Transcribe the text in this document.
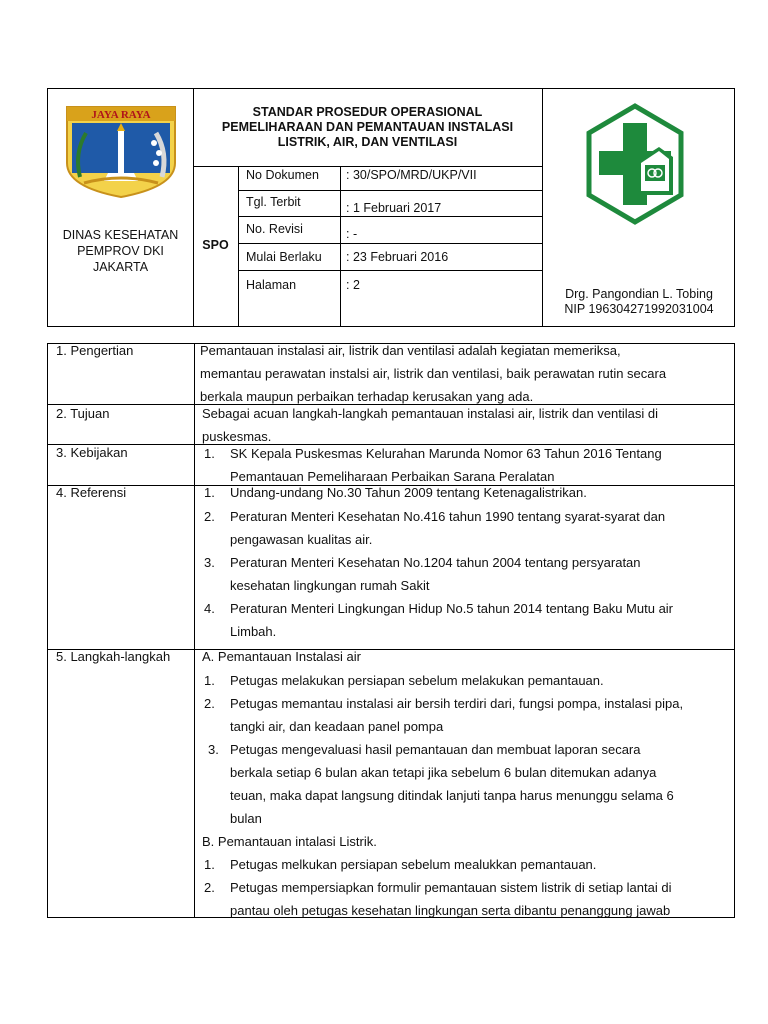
JAYA RAYA
DINAS KESEHATAN
PEMPROV DKI
JAKARTA
STANDAR PROSEDUR OPERASIONAL
PEMELIHARAAN DAN PEMANTAUAN INSTALASI
LISTRIK, AIR, DAN VENTILASI
SPO
No Dokumen : 30/SPO/MRD/UKP/VII
Tgl. Terbit	: 1 Februari 2017
No. Revisi	: -
Mulai Berlaku : 23 Februari 2016
Halaman	: 2
Drg. Pangondian L. Tobing
NIP 196304271992031004
1. Pengertian	Pemantauan instalasi air, listrik dan ventilasi adalah kegiatan memeriksa,
memantau perawatan instalsi air, listrik dan ventilasi, baik perawatan rutin secara
berkala maupun perbaikan terhadap kerusakan yang ada.
2. Tujuan	Sebagai acuan langkah-langkah pemantauan instalasi air, listrik dan ventilasi di
puskesmas.
3. Kebijakan	1. SK Kepala Puskesmas Kelurahan Marunda Nomor 63 Tahun 2016 Tentang
Pemantauan Pemeliharaan Perbaikan Sarana Peralatan
4. Referensi	1. Undang-undang No.30 Tahun 2009 tentang Ketenagalistrikan.
2. Peraturan Menteri Kesehatan No.416 tahun 1990 tentang syarat-syarat dan
pengawasan kualitas air.
3. Peraturan Menteri Kesehatan No.1204 tahun 2004 tentang persyaratan
kesehatan lingkungan rumah Sakit
4. Peraturan Menteri Lingkungan Hidup No.5 tahun 2014 tentang Baku Mutu air
Limbah.
5. Langkah-langkah A. Pemantauan Instalasi air
1. Petugas melakukan persiapan sebelum melakukan pemantauan.
2. Petugas memantau instalasi air bersih terdiri dari, fungsi pompa, instalasi pipa,
tangki air, dan keadaan panel pompa
3. Petugas mengevaluasi hasil pemantauan dan membuat laporan secara
berkala setiap 6 bulan akan tetapi jika sebelum 6 bulan ditemukan adanya
teuan, maka dapat langsung ditindak lanjuti tanpa harus menunggu selama 6
bulan
B. Pemantauan intalasi Listrik.
1. Petugas melkukan persiapan sebelum mealukkan pemantauan.
2. Petugas mempersiapkan formulir pemantauan sistem listrik di setiap lantai di
pantau oleh petugas kesehatan lingkungan serta dibantu penanggung jawab
